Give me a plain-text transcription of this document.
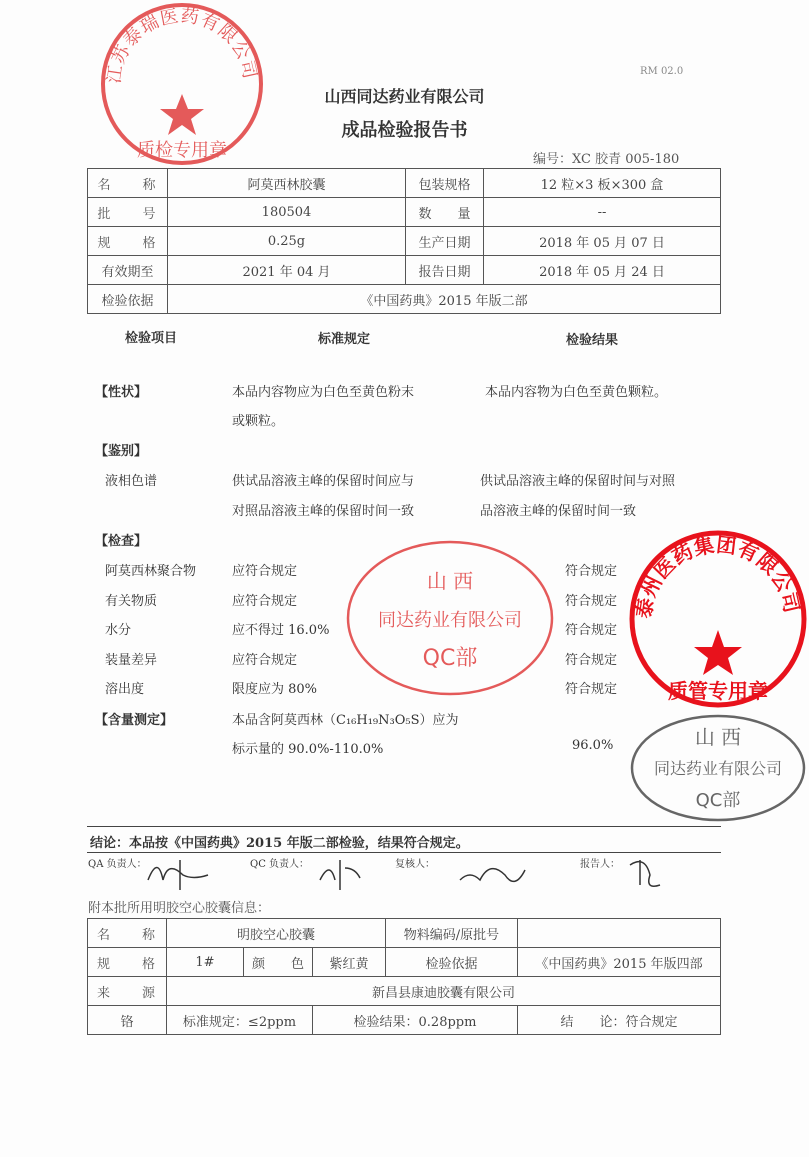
RM 02.0
山西同达药业有限公司
成品检验报告书
编号：XC 胶青 005-180
名　　称	阿莫西林胶囊	包装规格	12 粒×3 板×300 盒
批　　号	180504	数　　量	--
规　　格	0.25g	生产日期	2018 年 05 月 07 日
有效期至	2021 年 04 月	报告日期	2018 年 05 月 24 日
检验依据	《中国药典》2015 年版二部		
检验项目	标准规定	检验结果
【性状】	本品内容物应为白色至黄色粉末	本品内容物为白色至黄色颗粒。
或颗粒。
【鉴别】
液相色谱	供试品溶液主峰的保留时间应与	供试品溶液主峰的保留时间与对照
对照品溶液主峰的保留时间一致	品溶液主峰的保留时间一致
【检查】
阿莫西林聚合物	应符合规定	符合规定
有关物质	应符合规定	符合规定
水分	应不得过 16.0%	符合规定
装量差异	应符合规定	符合规定
溶出度	限度应为 80%	符合规定
【含量测定】	本品含阿莫西林（C₁₆H₁₉N₃O₅S）应为
标示量的 90.0%-110.0%	96.0%
结论：本品按《中国药典》2015 年版二部检验，结果符合规定。
QA 负责人：	QC 负责人：	复核人：	报告人：
附本批所用明胶空心胶囊信息：
名　　称	明胶空心胶囊			物料编码/原批号	
规　　格	1#	颜　　色	紫红黄	检验依据	《中国药典》2015 年版四部
来　　源	新昌县康迪胶囊有限公司				
铬	标准规定：≤2ppm		检验结果：0.28ppm		结　　论：符合规定
山 西
同达药业有限公司
QC部
山 西
同达药业有限公司
QC部
泰州医药集团有限公司
质管专用章
江苏泰瑞医药有限公司
质检专用章
